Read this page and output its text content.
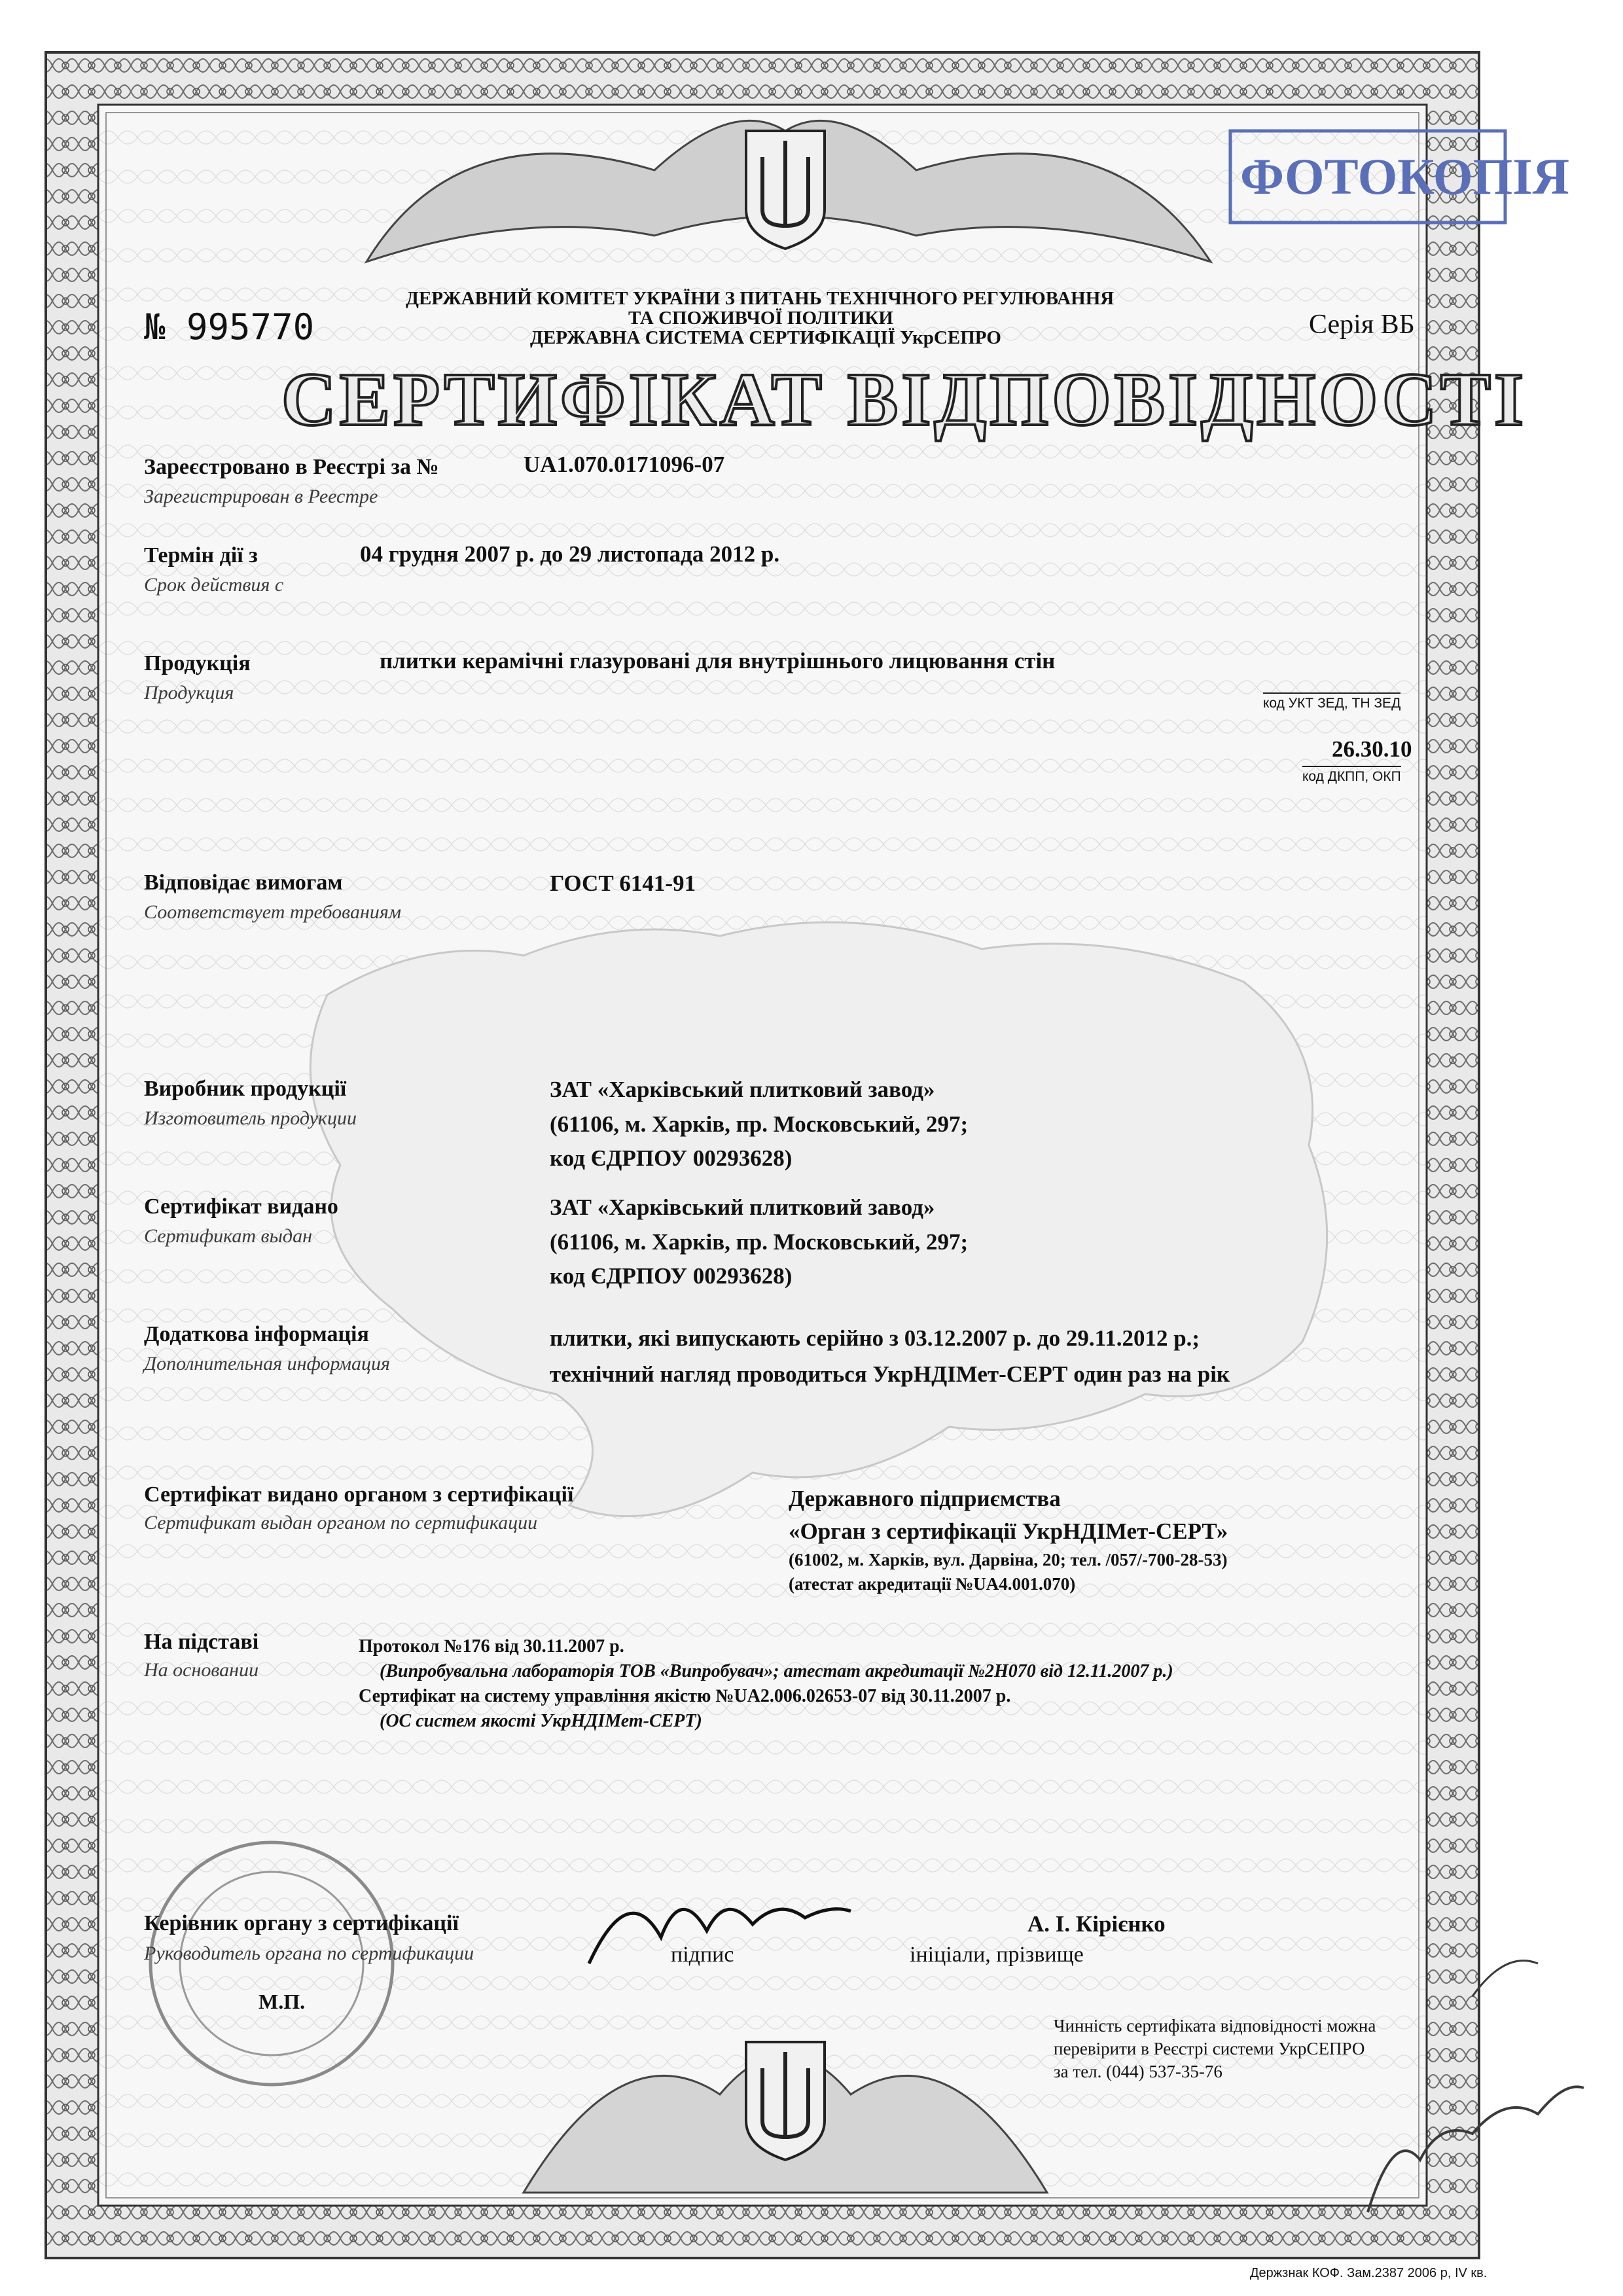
ФОТОКОПІЯ
ДЕРЖАВНИЙ КОМІТЕТ УКРАЇНИ З ПИТАНЬ ТЕХНІЧНОГО РЕГУЛЮВАННЯ
ТА СПОЖИВЧОЇ ПОЛІТИКИ
ДЕРЖАВНА СИСТЕМА СЕРТИФІКАЦІЇ УкрСЕПРО
№ 995770	Серія ВБ
СЕРТИФІКАТ ВІДПОВІДНОСТІ
Зареєстровано в Реєстрі за №
Зарегистрирован в Реестре
UA1.070.0171096-07
Термін дії з
Срок действия с
04 грудня 2007 р. до 29 листопада 2012 р.
Продукція
Продукция
плитки керамічні глазуровані для внутрішнього лицювання стін
код УКТ ЗЕД, ТН ЗЕД
26.30.10
код ДКПП, ОКП
Відповідає вимогам
Соответствует требованиям
ГОСТ 6141-91
Виробник продукції
Изготовитель продукции
ЗАТ «Харківський плитковий завод»
(61106, м. Харків, пр. Московський, 297;
код ЄДРПОУ 00293628)
Сертифікат видано
Сертификат выдан
ЗАТ «Харківський плитковий завод»
(61106, м. Харків, пр. Московський, 297;
код ЄДРПОУ 00293628)
Додаткова інформація
Дополнительная информация
плитки, які випускають серійно з 03.12.2007 р. до 29.11.2012 р.;
технічний нагляд проводиться УкрНДІМет-СЕРТ один раз на рік
Сертифікат видано органом з сертифікації
Сертификат выдан органом по сертификации
Державного підприємства
«Орган з сертифікації УкрНДІМет-СЕРТ»
(61002, м. Харків, вул. Дарвіна, 20; тел. /057/-700-28-53)
(атестат акредитації №UA4.001.070)
На підставі
На основании
Протокол №176 від 30.11.2007 р.
(Випробувальна лабораторія ТОВ «Випробувач»; атестат акредитації №2Н070 від 12.11.2007 р.)
Сертифікат на систему управління якістю №UA2.006.02653-07 від 30.11.2007 р.
(ОС систем якості УкрНДІМет-СЕРТ)
Керівник органу з сертифікації
Руководитель органа по сертификации	підпис
А. І. Кірієнко
ініціали, прізвище
М.П.
Чинність сертифіката відповідності можна
перевірити в Реєстрі системи УкрСЕПРО
за тел. (044) 537-35-76
Держзнак КОФ. Зам.2387 2006 р, IV кв.
